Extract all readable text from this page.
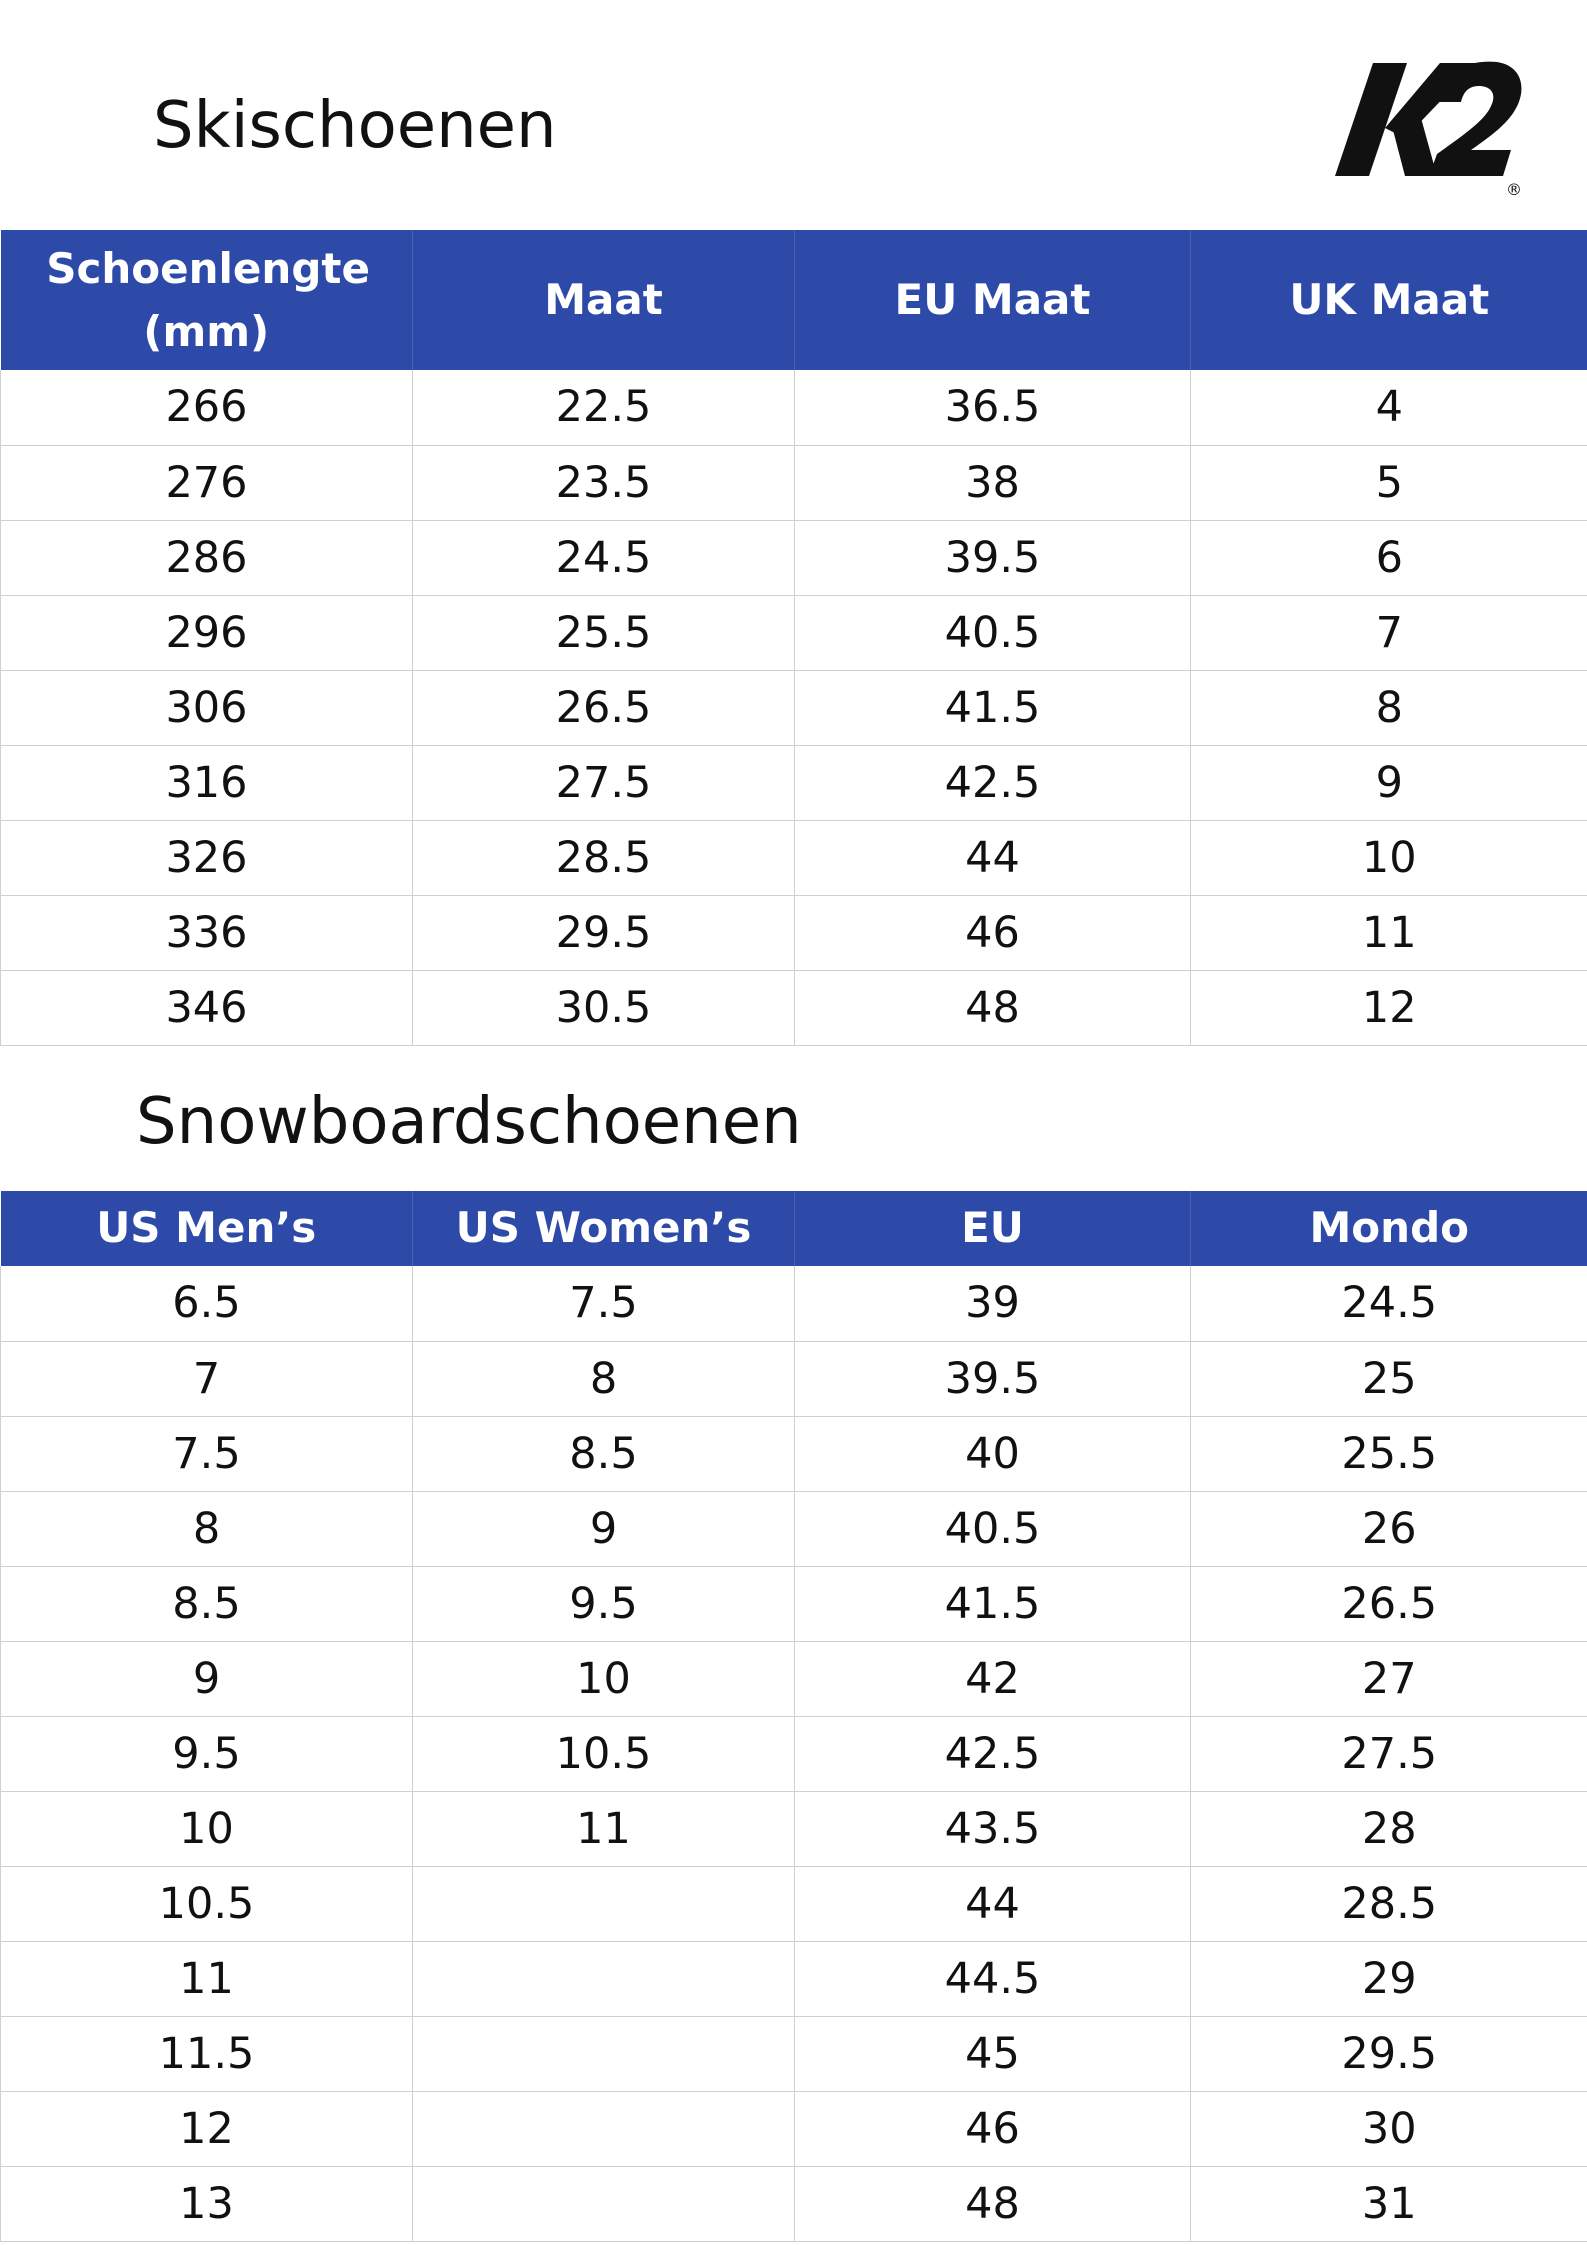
Skischoenen
®
Schoenlengte (mm)	Maat	EU Maat	UK Maat
266	22.5	36.5	4
276	23.5	38	5
286	24.5	39.5	6
296	25.5	40.5	7
306	26.5	41.5	8
316	27.5	42.5	9
326	28.5	44	10
336	29.5	46	11
346	30.5	48	12
Snowboardschoenen
US Men’s	US Women’s	EU	Mondo
6.5	7.5	39	24.5
7	8	39.5	25
7.5	8.5	40	25.5
8	9	40.5	26
8.5	9.5	41.5	26.5
9	10	42	27
9.5	10.5	42.5	27.5
10	11	43.5	28
10.5		44	28.5
11		44.5	29
11.5		45	29.5
12		46	30
13		48	31
